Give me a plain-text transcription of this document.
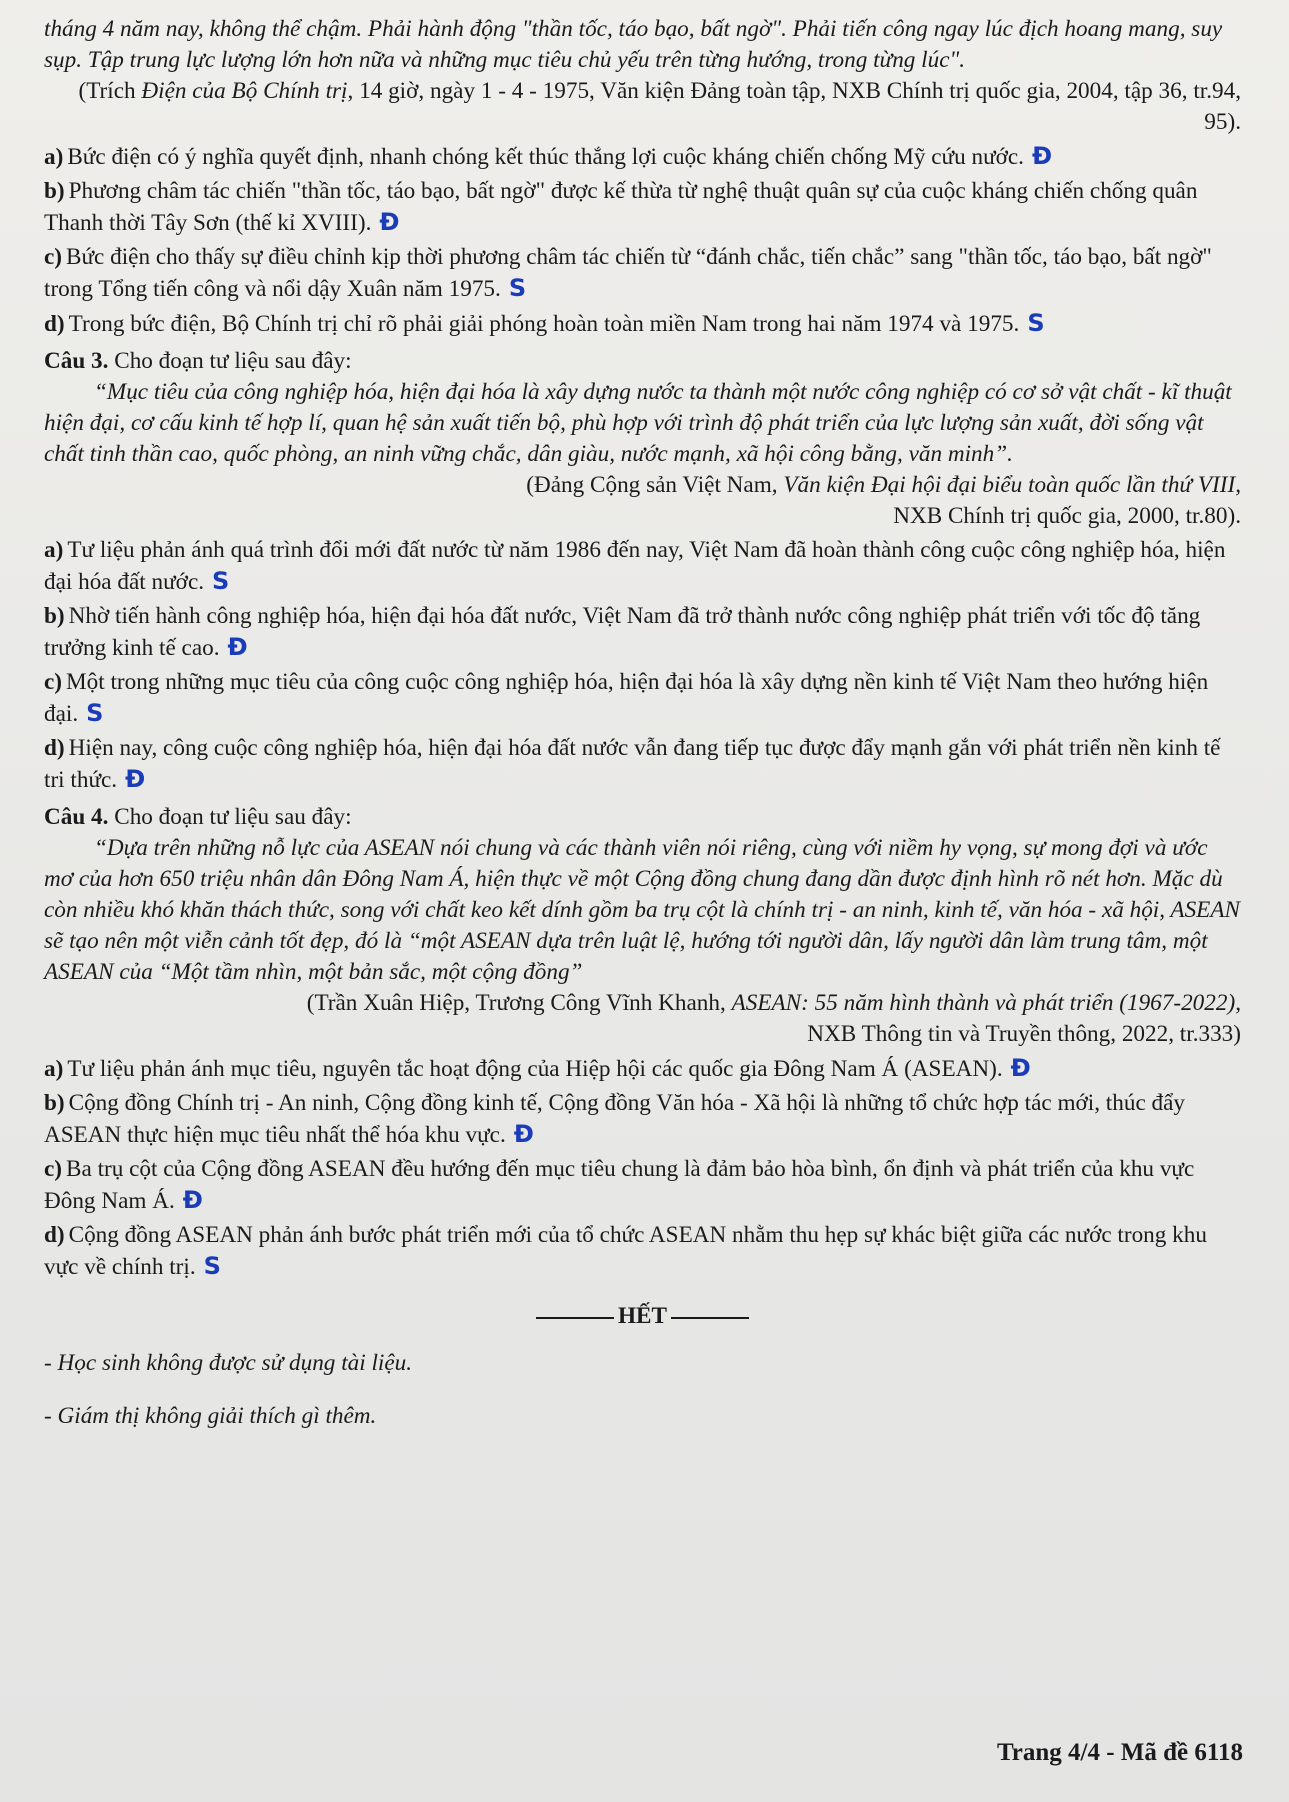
tháng 4 năm nay, không thể chậm. Phải hành động "thần tốc, táo bạo, bất ngờ". Phải tiến công ngay lúc địch hoang mang, suy sụp. Tập trung lực lượng lớn hơn nữa và những mục tiêu chủ yếu trên từng hướng, trong từng lúc".

(Trích Điện của Bộ Chính trị, 14 giờ, ngày 1 - 4 - 1975, Văn kiện Đảng toàn tập, NXB Chính trị quốc gia, 2004, tập 36, tr.94, 95).

a) Bức điện có ý nghĩa quyết định, nhanh chóng kết thúc thắng lợi cuộc kháng chiến chống Mỹ cứu nước. Đ

b) Phương châm tác chiến "thần tốc, táo bạo, bất ngờ" được kế thừa từ nghệ thuật quân sự của cuộc kháng chiến chống quân Thanh thời Tây Sơn (thế kỉ XVIII). Đ

c) Bức điện cho thấy sự điều chỉnh kịp thời phương châm tác chiến từ “đánh chắc, tiến chắc” sang "thần tốc, táo bạo, bất ngờ" trong Tổng tiến công và nổi dậy Xuân năm 1975. S

d) Trong bức điện, Bộ Chính trị chỉ rõ phải giải phóng hoàn toàn miền Nam trong hai năm 1974 và 1975. S

Câu 3. Cho đoạn tư liệu sau đây:

“Mục tiêu của công nghiệp hóa, hiện đại hóa là xây dựng nước ta thành một nước công nghiệp có cơ sở vật chất - kĩ thuật hiện đại, cơ cấu kinh tế hợp lí, quan hệ sản xuất tiến bộ, phù hợp với trình độ phát triển của lực lượng sản xuất, đời sống vật chất tinh thần cao, quốc phòng, an ninh vững chắc, dân giàu, nước mạnh, xã hội công bằng, văn minh”.

(Đảng Cộng sản Việt Nam, Văn kiện Đại hội đại biểu toàn quốc lần thứ VIII,
NXB Chính trị quốc gia, 2000, tr.80).

a) Tư liệu phản ánh quá trình đổi mới đất nước từ năm 1986 đến nay, Việt Nam đã hoàn thành công cuộc công nghiệp hóa, hiện đại hóa đất nước. S

b) Nhờ tiến hành công nghiệp hóa, hiện đại hóa đất nước, Việt Nam đã trở thành nước công nghiệp phát triển với tốc độ tăng trưởng kinh tế cao. Đ

c) Một trong những mục tiêu của công cuộc công nghiệp hóa, hiện đại hóa là xây dựng nền kinh tế Việt Nam theo hướng hiện đại. S

d) Hiện nay, công cuộc công nghiệp hóa, hiện đại hóa đất nước vẫn đang tiếp tục được đẩy mạnh gắn với phát triển nền kinh tế tri thức. Đ

Câu 4. Cho đoạn tư liệu sau đây:

“Dựa trên những nỗ lực của ASEAN nói chung và các thành viên nói riêng, cùng với niềm hy vọng, sự mong đợi và ước mơ của hơn 650 triệu nhân dân Đông Nam Á, hiện thực về một Cộng đồng chung đang dần được định hình rõ nét hơn. Mặc dù còn nhiều khó khăn thách thức, song với chất keo kết dính gồm ba trụ cột là chính trị - an ninh, kinh tế, văn hóa - xã hội, ASEAN sẽ tạo nên một viễn cảnh tốt đẹp, đó là “một ASEAN dựa trên luật lệ, hướng tới người dân, lấy người dân làm trung tâm, một ASEAN của “Một tầm nhìn, một bản sắc, một cộng đồng”

(Trần Xuân Hiệp, Trương Công Vĩnh Khanh, ASEAN: 55 năm hình thành và phát triển (1967-2022),
NXB Thông tin và Truyền thông, 2022, tr.333)

a) Tư liệu phản ánh mục tiêu, nguyên tắc hoạt động của Hiệp hội các quốc gia Đông Nam Á (ASEAN). Đ

b) Cộng đồng Chính trị - An ninh, Cộng đồng kinh tế, Cộng đồng Văn hóa - Xã hội là những tổ chức hợp tác mới, thúc đẩy ASEAN thực hiện mục tiêu nhất thể hóa khu vực. Đ

c) Ba trụ cột của Cộng đồng ASEAN đều hướng đến mục tiêu chung là đảm bảo hòa bình, ổn định và phát triển của khu vực Đông Nam Á. Đ

d) Cộng đồng ASEAN phản ánh bước phát triển mới của tổ chức ASEAN nhằm thu hẹp sự khác biệt giữa các nước trong khu vực về chính trị. S

HẾT

- Học sinh không được sử dụng tài liệu.

- Giám thị không giải thích gì thêm.

Trang 4/4 - Mã đề 6118
